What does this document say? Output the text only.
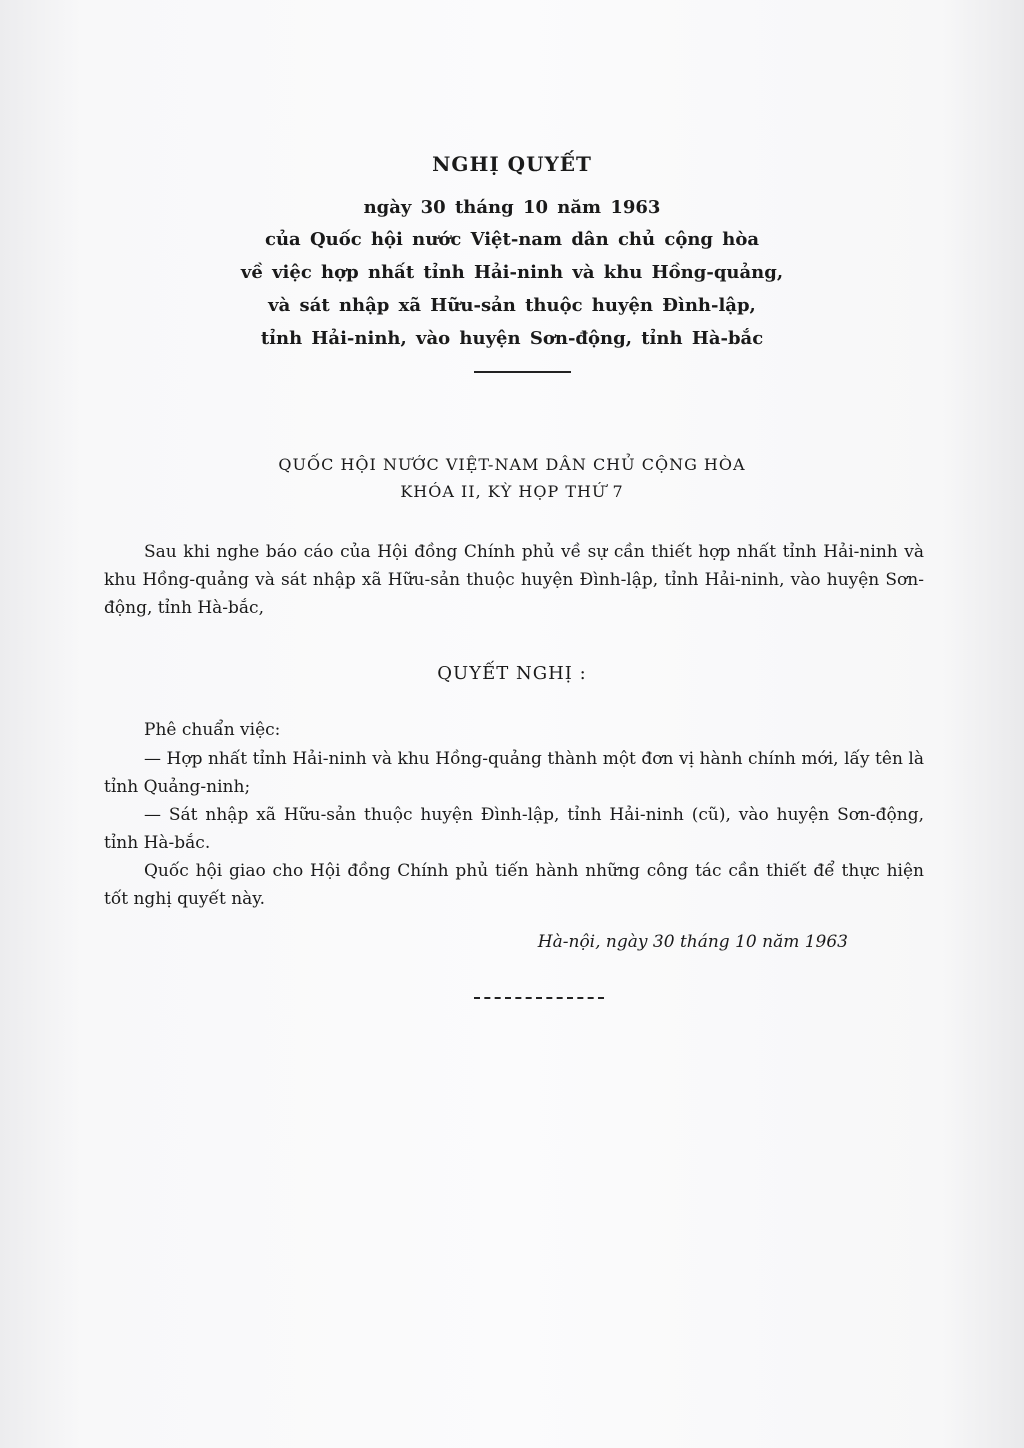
NGHỊ QUYẾT

ngày 30 tháng 10 năm 1963

của Quốc hội nước Việt-nam dân chủ cộng hòa

về việc hợp nhất tỉnh Hải-ninh và khu Hồng-quảng,

và sát nhập xã Hữu-sản thuộc huyện Đình-lập,

tỉnh Hải-ninh, vào huyện Sơn-động, tỉnh Hà-bắc

QUỐC HỘI NƯỚC VIỆT-NAM DÂN CHỦ CỘNG HÒA

KHÓA II, KỲ HỌP THỨ 7

Sau khi nghe báo cáo của Hội đồng Chính phủ về sự cần thiết hợp nhất tỉnh Hải-ninh và khu Hồng-quảng và sát nhập xã Hữu-sản thuộc huyện Đình-lập, tỉnh Hải-ninh, vào huyện Sơn-động, tỉnh Hà-bắc,

QUYẾT NGHỊ :

Phê chuẩn việc:

— Hợp nhất tỉnh Hải-ninh và khu Hồng-quảng thành một đơn vị hành chính mới, lấy tên là tỉnh Quảng-ninh;

— Sát nhập xã Hữu-sản thuộc huyện Đình-lập, tỉnh Hải-ninh (cũ), vào huyện Sơn-động, tỉnh Hà-bắc.

Quốc hội giao cho Hội đồng Chính phủ tiến hành những công tác cần thiết để thực hiện tốt nghị quyết này.

Hà-nội, ngày 30 tháng 10 năm 1963
